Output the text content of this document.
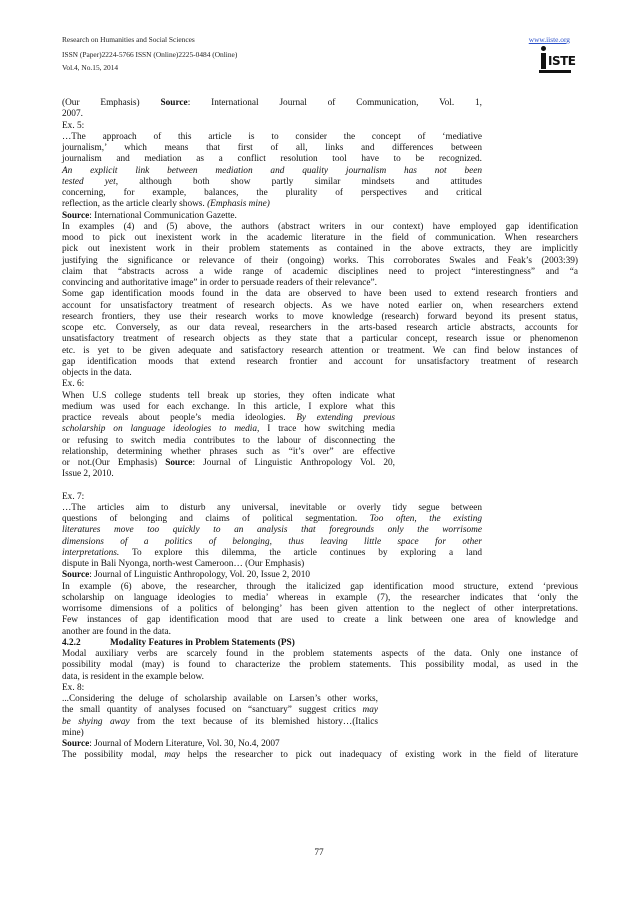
Research on Humanities and Social Sciences
ISSN (Paper)2224-5766 ISSN (Online)2225-0484 (Online)
Vol.4, No.15, 2014
www.iiste.org
ISTE

(Our Emphasis) Source: International Journal of Communication, Vol. 1,

2007.

Ex. 5:

…The approach of this article is to consider the concept of ‘mediative

journalism,’ which means that first of all, links and differences between

journalism and mediation as a conflict resolution tool have to be recognized.

An explicit link between mediation and quality journalism has not been

tested yet, although both show partly similar mindsets and attitudes

concerning, for example, balances, the plurality of perspectives and critical

reflection, as the article clearly shows. (Emphasis mine)

Source: International Communication Gazette.

In examples (4) and (5) above, the authors (abstract writers in our context) have employed gap identification

mood to pick out inexistent work in the academic literature in the field of communication. When researchers

pick out inexistent work in their problem statements as contained in the above extracts, they are implicitly

justifying the significance or relevance of their (ongoing) works. This corroborates Swales and Feak’s (2003:39)

claim that “abstracts across a wide range of academic disciplines need to project “interestingness” and “a

convincing and authoritative image” in order to persuade readers of their relevance”.

Some gap identification moods found in the data are observed to have been used to extend research frontiers and

account for unsatisfactory treatment of research objects. As we have noted earlier on, when researchers extend

research frontiers, they use their research works to move knowledge (research) forward beyond its present status,

scope etc. Conversely, as our data reveal, researchers in the arts-based research article abstracts, accounts for

unsatisfactory treatment of research objects as they state that a particular concept, research issue or phenomenon

etc. is yet to be given adequate and satisfactory research attention or treatment. We can find below instances of

gap identification moods that extend research frontier and account for unsatisfactory treatment of research

objects in the data.

Ex. 6:

When U.S college students tell break up stories, they often indicate what

medium was used for each exchange. In this article, I explore what this

practice reveals about people’s media ideologies. By extending previous

scholarship on language ideologies to media, I trace how switching media

or refusing to switch media contributes to the labour of disconnecting the

relationship, determining whether phrases such as “it’s over” are effective

or not.(Our Emphasis) Source: Journal of Linguistic Anthropology Vol. 20,

Issue 2, 2010.

Ex. 7:

…The articles aim to disturb any universal, inevitable or overly tidy segue between

questions of belonging and claims of political segmentation. Too often, the existing

literatures move too quickly to an analysis that foregrounds only the worrisome

dimensions of a politics of belonging, thus leaving little space for other

interpretations. To explore this dilemma, the article continues by exploring a land

dispute in Bali Nyonga, north-west Cameroon… (Our Emphasis)

Source: Journal of Linguistic Anthropology, Vol. 20, Issue 2, 2010

In example (6) above, the researcher, through the italicized gap identification mood structure, extend ‘previous

scholarship on language ideologies to media’ whereas in example (7), the researcher indicates that ‘only the

worrisome dimensions of a politics of belonging’ has been given attention to the neglect of other interpretations.

Few instances of gap identification mood that are used to create a link between one area of knowledge and

another are found in the data.

4.2.2	Modality Features in Problem Statements (PS)

Modal auxiliary verbs are scarcely found in the problem statements aspects of the data. Only one instance of

possibility modal (may) is found to characterize the problem statements. This possibility modal, as used in the

data, is resident in the example below.

Ex. 8:

...Considering the deluge of scholarship available on Larsen’s other works,

the small quantity of analyses focused on “sanctuary” suggest critics may

be shying away from the text because of its blemished history…(Italics

mine)

Source: Journal of Modern Literature, Vol. 30, No.4, 2007

The possibility modal, may helps the researcher to pick out inadequacy of existing work in the field of literature

77
